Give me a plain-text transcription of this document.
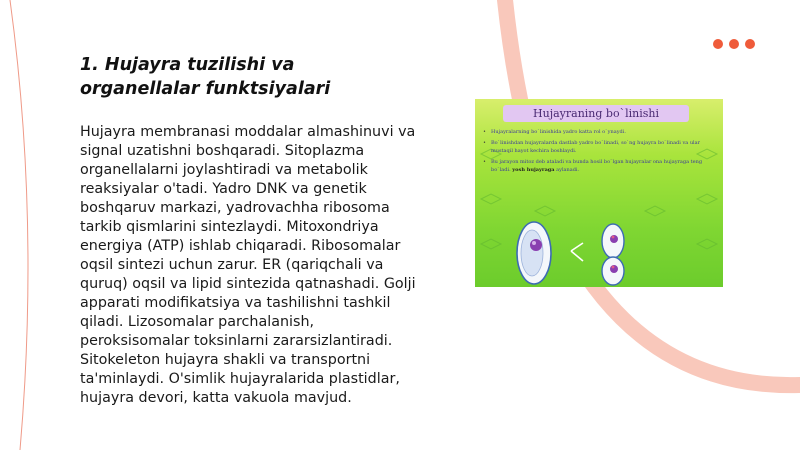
1. Hujayra tuzilishi va organellalar funktsiyalari

Hujayra membranasi moddalar almashinuvi va signal uzatishni boshqaradi. Sitoplazma organellalarni joylashtiradi va metabolik reaksiyalar o'tadi. Yadro DNK va genetik boshqaruv markazi, yadrovachha ribosoma tarkib qismlarini sintezlaydi. Mitoxondriya energiya (ATP) ishlab chiqaradi. Ribosomalar oqsil sintezi uchun zarur. ER (qariqchali va quruq) oqsil va lipid sintezida qatnashadi. Golji apparati modifikatsiya va tashilishni tashkil qiladi. Lizosomalar parchalanish, peroksisomalar toksinlarni zararsizlantiradi. Sitokeleton hujayra shakli va transportni ta'minlaydi. O'simlik hujayralarida plastidlar, hujayra devori, katta vakuola mavjud.

Hujayraning bo`linishi
• Hujayralarning bo`linishida yadro katta rol o`ynaydi.
• Bo`linishdan hujayralarda dastlab yadro bo`linadi, so`ng hujayra bo`linadi va ular mustaqil hayot kechira boshlaydi.
• Bu jarayon mitoz deb ataladi va bunda hosil bo`lgan hujayralar ona hujayraga teng bo`ladi. yosh hujayraga aylanadi.
